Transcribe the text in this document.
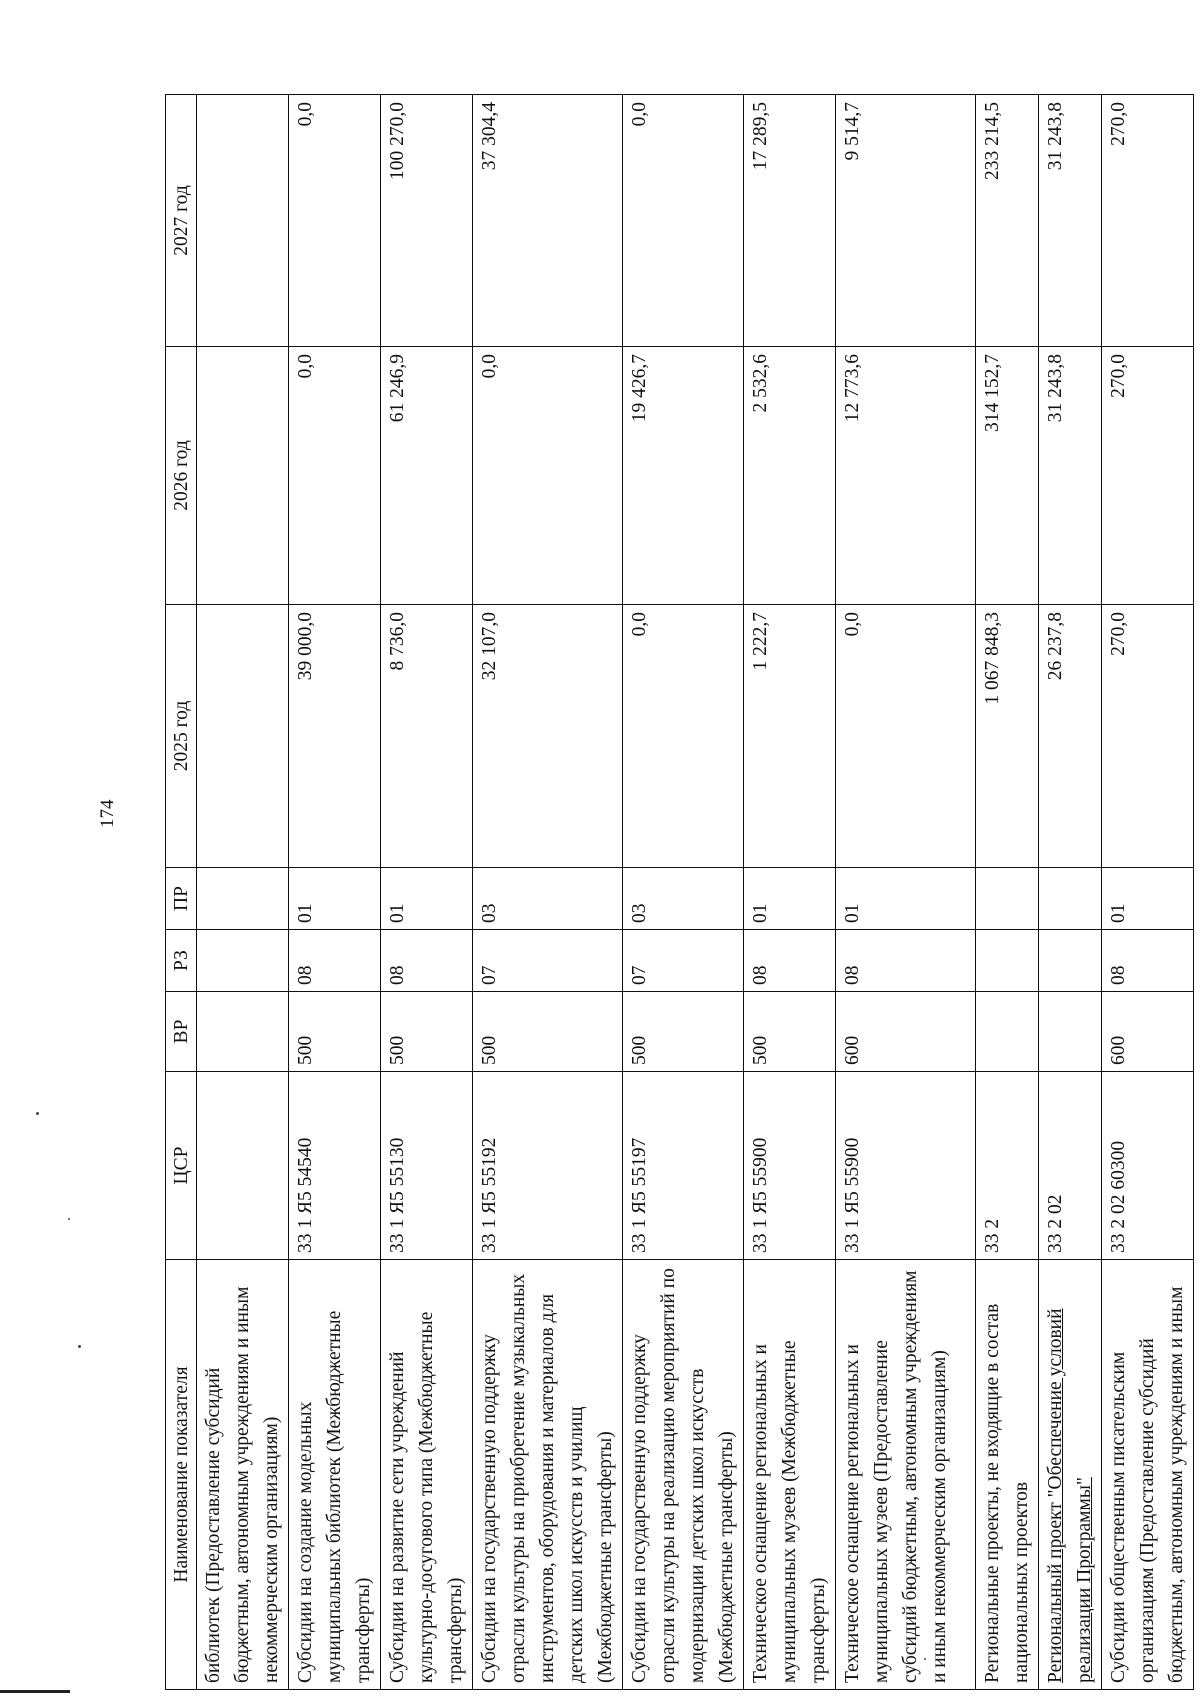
174
Наименование показателя	ЦСР	ВР	РЗ	ПР	2025 год	2026 год	2027 год
библиотек (Предоставление субсидий бюджетным, автономным учреждениям и иным некоммерческим организациям)							
Субсидии на создание модельных муниципальных библиотек (Межбюджетные трансферты)	33 1 Я5 54540	500	08	01	39 000,0	0,0	0,0
Субсидии на развитие сети учреждений культурно-досугового типа (Межбюджетные трансферты)	33 1 Я5 55130	500	08	01	8 736,0	61 246,9	100 270,0
Субсидии на государственную поддержку отрасли культуры на приобретение музыкальных инструментов, оборудования и материалов для детских школ искусств и училищ (Межбюджетные трансферты)	33 1 Я5 55192	500	07	03	32 107,0	0,0	37 304,4
Субсидии на государственную поддержку отрасли культуры на реализацию мероприятий по модернизации детских школ искусств (Межбюджетные трансферты)	33 1 Я5 55197	500	07	03	0,0	19 426,7	0,0
Техническое оснащение региональных и муниципальных музеев (Межбюджетные трансферты)	33 1 Я5 55900	500	08	01	1 222,7	2 532,6	17 289,5
Техническое оснащение региональных и муниципальных музеев (Предоставление субсидий бюджетным, автономным учреждениям и иным некоммерческим организациям)	33 1 Я5 55900	600	08	01	0,0	12 773,6	9 514,7
Региональные проекты, не входящие в состав национальных проектов	33 2				1 067 848,3	314 152,7	233 214,5
Региональный проект "Обеспечение условий реализации Программы"	33 2 02				26 237,8	31 243,8	31 243,8
Субсидии общественным писательским организациям (Предоставление субсидий бюджетным, автономным учреждениям и иным	33 2 02 60300	600	08	01	270,0	270,0	270,0
